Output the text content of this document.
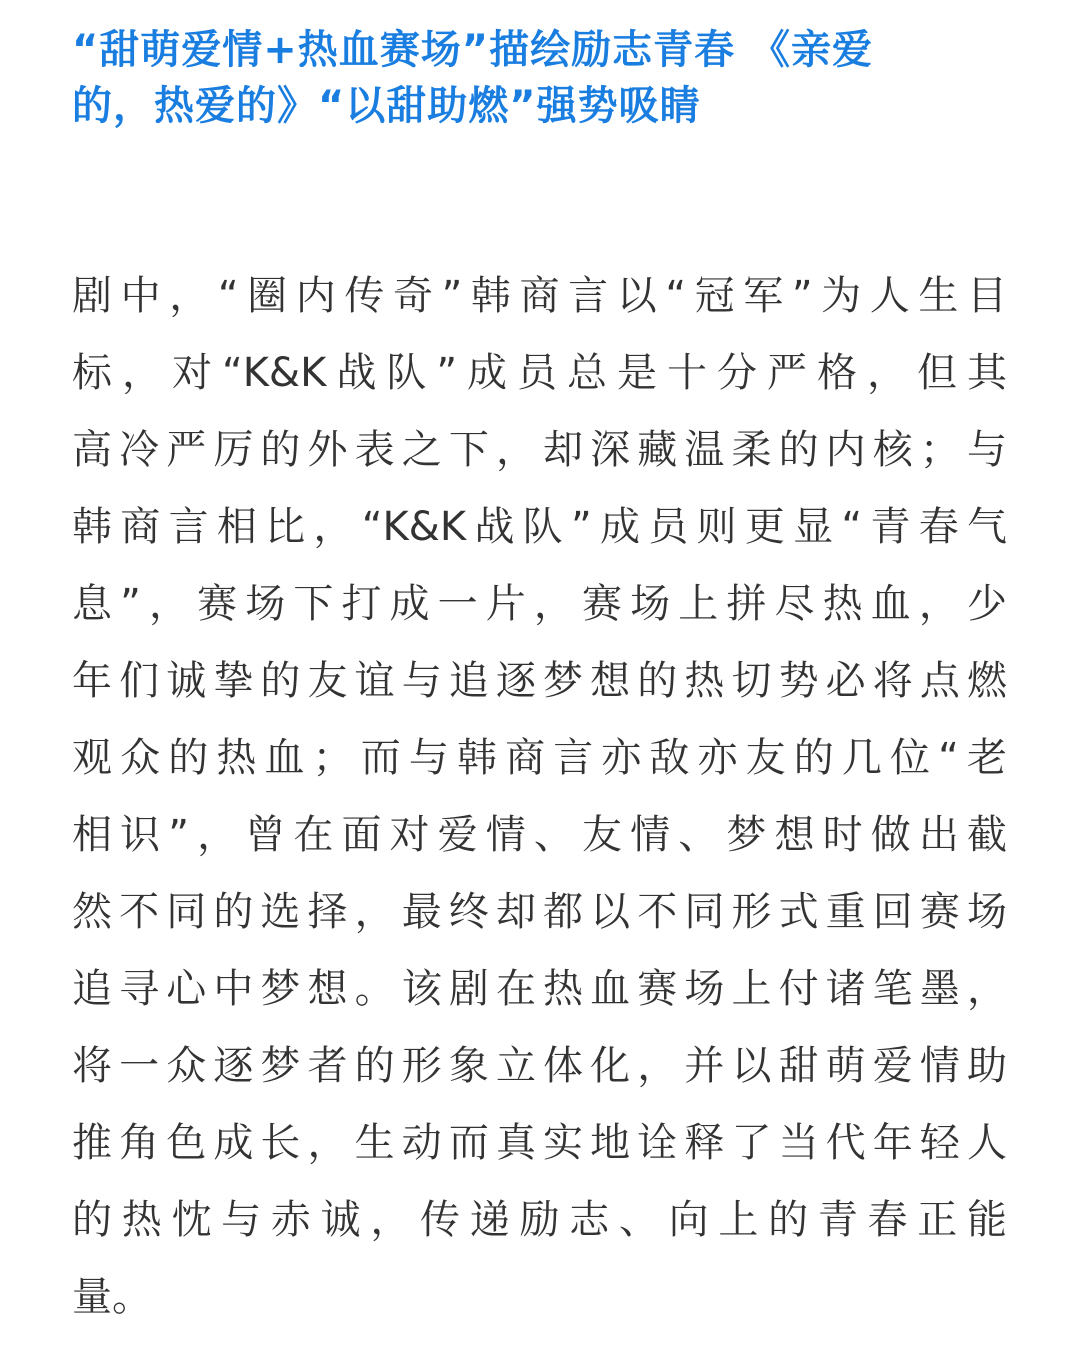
“甜萌爱情+热血赛场”描绘励志青春 《亲爱
的，热爱的》“以甜助燃”强势吸睛

剧中，“圈内传奇”韩商言以“冠军”为人生目
标，对“K&K战队”成员总是十分严格，但其
高冷严厉的外表之下，却深藏温柔的内核；与
韩商言相比，“K&K战队”成员则更显“青春气
息”，赛场下打成一片，赛场上拼尽热血，少
年们诚挚的友谊与追逐梦想的热切势必将点燃
观众的热血；而与韩商言亦敌亦友的几位“老
相识”，曾在面对爱情、友情、梦想时做出截
然不同的选择，最终却都以不同形式重回赛场
追寻心中梦想。该剧在热血赛场上付诸笔墨，
将一众逐梦者的形象立体化，并以甜萌爱情助
推角色成长，生动而真实地诠释了当代年轻人
的热忱与赤诚，传递励志、向上的青春正能
量。
